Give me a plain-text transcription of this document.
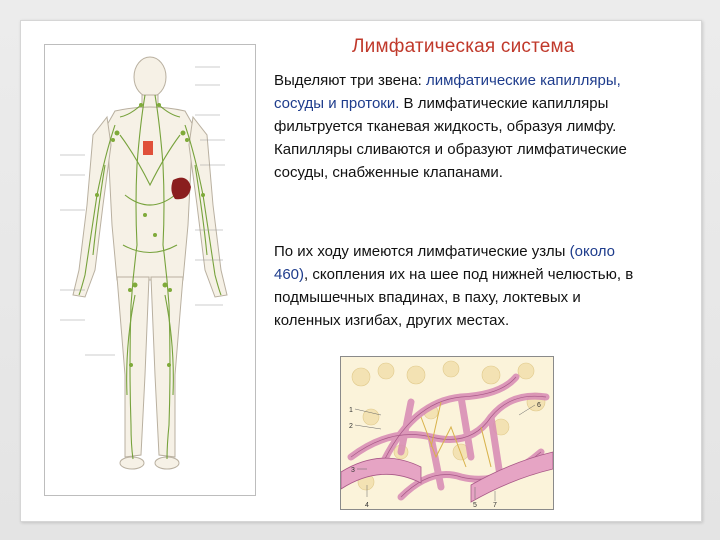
Лимфатическая система
Выделяют три звена: лимфатические капилляры, сосуды и протоки. В лимфатические капилляры фильтруется тканевая жидкость, образуя лимфу. Капилляры сливаются и образуют лимфатические сосуды, снабженные клапанами.
По их ходу имеются лимфатические узлы (около 460), скопления их на шее под нижней челюстью, в подмышечных впадинах, в паху, локтевых и коленных изгибах, других местах.
1
2
3
4	5
6
7
